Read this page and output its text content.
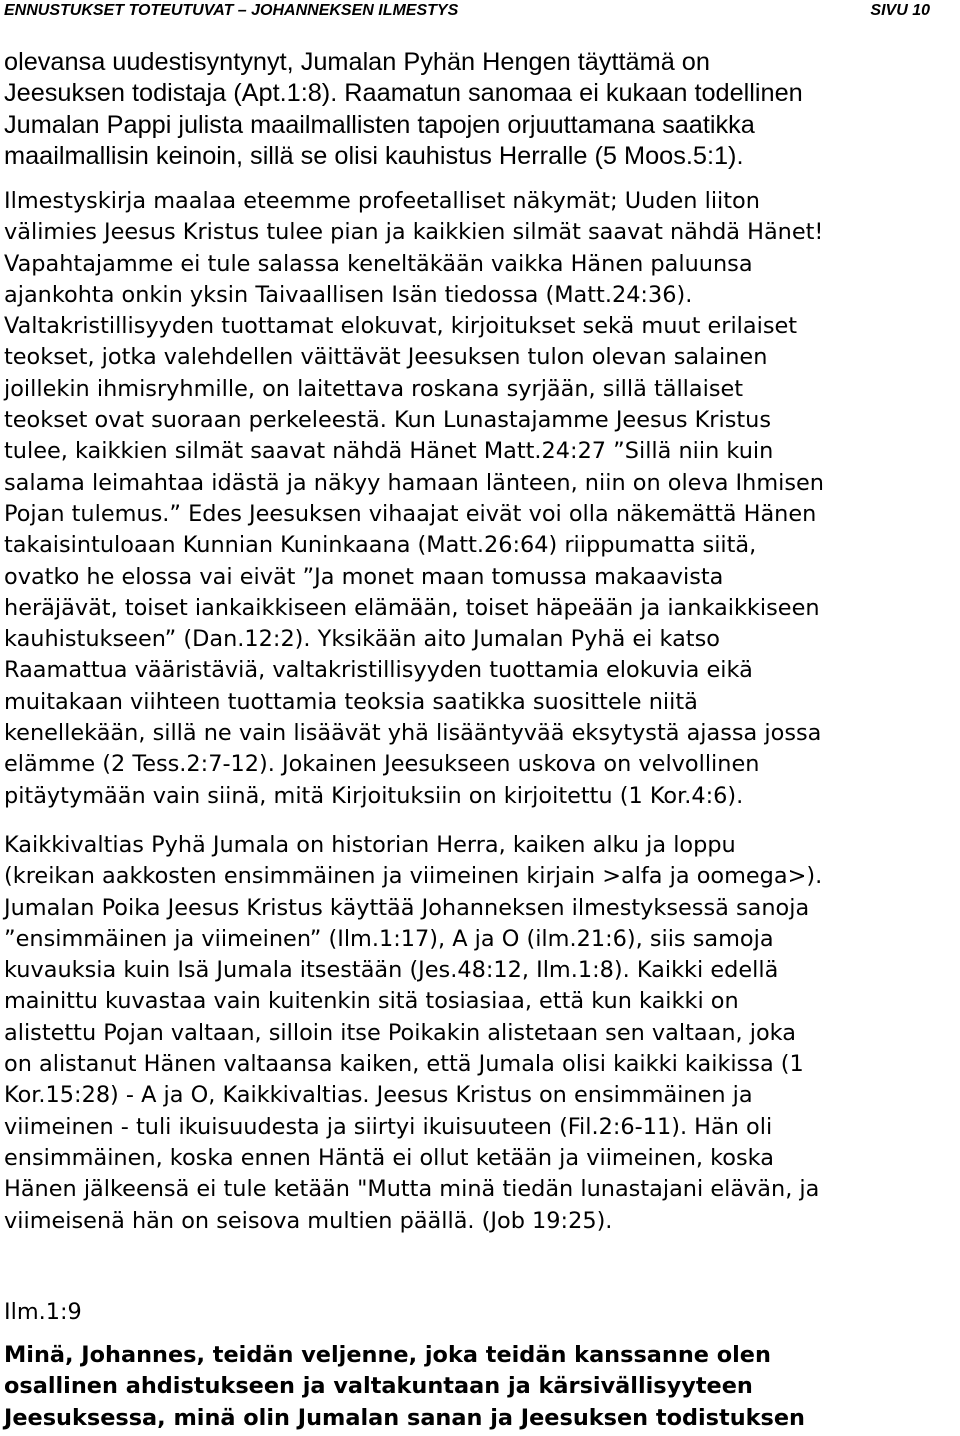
ENNUSTUKSET TOTEUTUVAT – JOHANNEKSEN ILMESTYS	SIVU 10
olevansa uudestisyntynyt, Jumalan Pyhän Hengen täyttämä on
Jeesuksen todistaja (Apt.1:8). Raamatun sanomaa ei kukaan todellinen
Jumalan Pappi julista maailmallisten tapojen orjuuttamana saatikka
maailmallisin keinoin, sillä se olisi kauhistus Herralle (5 Moos.5:1).
Ilmestyskirja maalaa eteemme profeetalliset näkymät; Uuden liiton
välimies Jeesus Kristus tulee pian ja kaikkien silmät saavat nähdä Hänet!
Vapahtajamme ei tule salassa keneltäkään vaikka Hänen paluunsa
ajankohta onkin yksin Taivaallisen Isän tiedossa (Matt.24:36).
Valtakristillisyyden tuottamat elokuvat, kirjoitukset sekä muut erilaiset
teokset, jotka valehdellen väittävät Jeesuksen tulon olevan salainen
joillekin ihmisryhmille, on laitettava roskana syrjään, sillä tällaiset
teokset ovat suoraan perkeleestä. Kun Lunastajamme Jeesus Kristus
tulee, kaikkien silmät saavat nähdä Hänet Matt.24:27 ”Sillä niin kuin
salama leimahtaa idästä ja näkyy hamaan länteen, niin on oleva Ihmisen
Pojan tulemus.” Edes Jeesuksen vihaajat eivät voi olla näkemättä Hänen
takaisintuloaan Kunnian Kuninkaana (Matt.26:64) riippumatta siitä,
ovatko he elossa vai eivät ”Ja monet maan tomussa makaavista
heräjävät, toiset iankaikkiseen elämään, toiset häpeään ja iankaikkiseen
kauhistukseen” (Dan.12:2). Yksikään aito Jumalan Pyhä ei katso
Raamattua vääristäviä, valtakristillisyyden tuottamia elokuvia eikä
muitakaan viihteen tuottamia teoksia saatikka suosittele niitä
kenellekään, sillä ne vain lisäävät yhä lisääntyvää eksytystä ajassa jossa
elämme (2 Tess.2:7-12). Jokainen Jeesukseen uskova on velvollinen
pitäytymään vain siinä, mitä Kirjoituksiin on kirjoitettu (1 Kor.4:6).
Kaikkivaltias Pyhä Jumala on historian Herra, kaiken alku ja loppu
(kreikan aakkosten ensimmäinen ja viimeinen kirjain >alfa ja oomega>).
Jumalan Poika Jeesus Kristus käyttää Johanneksen ilmestyksessä sanoja
”ensimmäinen ja viimeinen” (Ilm.1:17), A ja O (ilm.21:6), siis samoja
kuvauksia kuin Isä Jumala itsestään (Jes.48:12, Ilm.1:8). Kaikki edellä
mainittu kuvastaa vain kuitenkin sitä tosiasiaa, että kun kaikki on
alistettu Pojan valtaan, silloin itse Poikakin alistetaan sen valtaan, joka
on alistanut Hänen valtaansa kaiken, että Jumala olisi kaikki kaikissa (1
Kor.15:28) - A ja O, Kaikkivaltias. Jeesus Kristus on ensimmäinen ja
viimeinen - tuli ikuisuudesta ja siirtyi ikuisuuteen (Fil.2:6-11). Hän oli
ensimmäinen, koska ennen Häntä ei ollut ketään ja viimeinen, koska
Hänen jälkeensä ei tule ketään "Mutta minä tiedän lunastajani elävän, ja
viimeisenä hän on seisova multien päällä. (Job 19:25).
Ilm.1:9
Minä, Johannes, teidän veljenne, joka teidän kanssanne olen
osallinen ahdistukseen ja valtakuntaan ja kärsivällisyyteen
Jeesuksessa, minä olin Jumalan sanan ja Jeesuksen todistuksen
